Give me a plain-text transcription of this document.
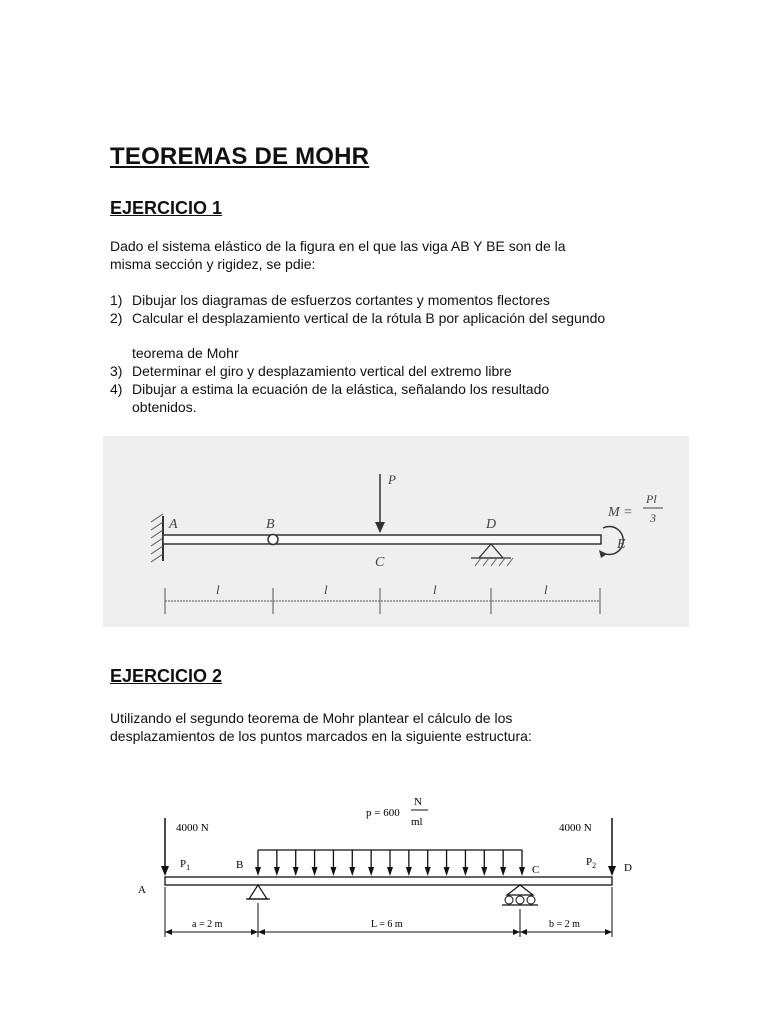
TEOREMAS DE MOHR
EJERCICIO 1

Dado el sistema elástico de la figura en el que las viga AB Y BE son de la
misma sección y rigidez, se pdie:

1) Dibujar los diagramas de esfuerzos cortantes y momentos flectores
2) Calcular el desplazamiento vertical de la rótula B por aplicación del segundo
teorema de Mohr
3) Determinar el giro y desplazamiento vertical del extremo libre
4) Dibujar a estima la ecuación de la elástica, señalando los resultado
obtenidos.
P
A	B
C
D
E
M =
Pl
3
l	l	l	l
EJERCICIO 2

Utilizando el segundo teorema de Mohr plantear el cálculo de los
desplazamientos de los puntos marcados en la siguiente estructura:

p = 600
N
ml
4000 N	4000 N
A
B	C	D
$P_1$	$P_2$
a = 2 m	L = 6 m	b = 2 m
